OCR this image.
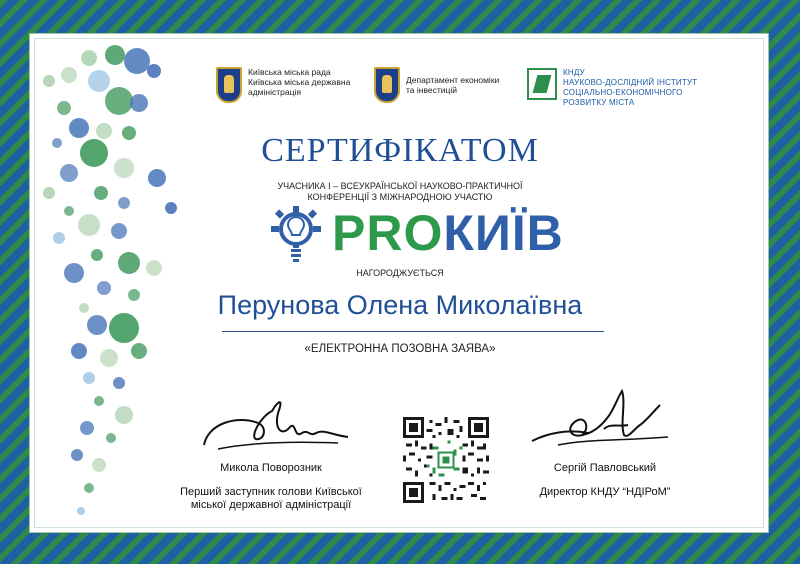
Київська міська рада
Київська міська державна
адміністрація
Департамент економіки
та інвестицій
КНДУ
НАУКОВО-ДОСЛІДНИЙ ІНСТИТУТ
СОЦІАЛЬНО-ЕКОНОМІЧНОГО
РОЗВИТКУ МІСТА
СЕРТИФІКАТОМ
УЧАСНИКА І – ВСЕУКРАЇНСЬКОЇ НАУКОВО-ПРАКТИЧНОЇ
КОНФЕРЕНЦІЇ З МІЖНАРОДНОЮ УЧАСТЮ
PROКИЇВ
НАГОРОДЖУЄТЬСЯ
Перунова Олена Миколаївна
«ЕЛЕКТРОННА ПОЗОВНА ЗАЯВА»
Микола Поворозник
Перший заступник голови Київської
міської державної адміністрації
Сергій Павловський
Директор КНДУ “НДІРоМ”
